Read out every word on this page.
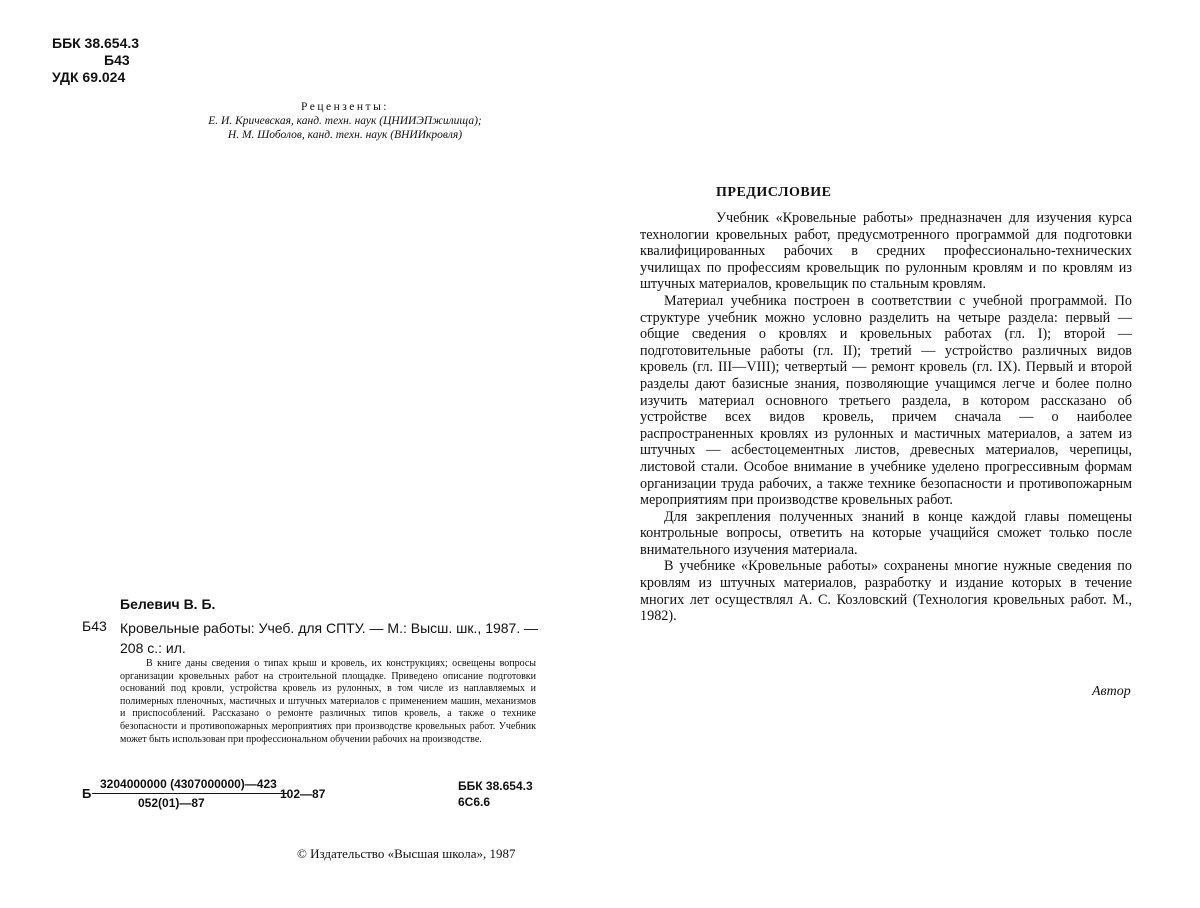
ББК 38.654.3
Б43
УДК 69.024
Рецензенты:
Е. И. Кричевская, канд. техн. наук (ЦНИИЭПжилища);
Н. М. Шоболов, канд. техн. наук (ВНИИкровля)
Белевич В. Б.
Б43 Кровельные работы: Учеб. для СПТУ. — М.: Высш. шк., 1987. — 208 с.: ил.
В книге даны сведения о типах крыш и кровель, их конструкциях; освещены вопросы организации кровельных работ на строительной площадке. Приведено описание подготовки оснований под кровли, устройства кровель из рулонных, в том числе из наплавляемых и полимерных пленочных, мастичных и штучных материалов с применением машин, механизмов и приспособлений. Рассказано о ремонте различных типов кровель, а также о технике безопасности и противопожарных мероприятиях при производстве кровельных работ. Учебник может быть использован при профессиональном обучении рабочих на производстве.
Б
3204000000 (4307000000)—423
052(01)—87
102—87
ББК 38.654.3
6С6.6
© Издательство «Высшая школа», 1987
ПРЕДИСЛОВИЕ

Учебник «Кровельные работы» предназначен для изучения курса технологии кровельных работ, предусмотренного программой для подготовки квалифицированных рабочих в средних профессионально-технических училищах по профессиям кровельщик по рулонным кровлям и по кровлям из штучных материалов, кровельщик по стальным кровлям.

Материал учебника построен в соответствии с учебной программой. По структуре учебник можно условно разделить на четыре раздела: первый — общие сведения о кровлях и кровельных работах (гл. I); второй — подготовительные работы (гл. II); третий — устройство различных видов кровель (гл. III—VIII); четвертый — ремонт кровель (гл. IX). Первый и второй разделы дают базисные знания, позволяющие учащимся легче и более полно изучить материал основного третьего раздела, в котором рассказано об устройстве всех видов кровель, причем сначала — о наиболее распространенных кровлях из рулонных и мастичных материалов, а затем из штучных — асбестоцементных листов, древесных материалов, черепицы, листовой стали. Особое внимание в учебнике уделено прогрессивным формам организации труда рабочих, а также технике безопасности и противопожарным мероприятиям при производстве кровельных работ.

Для закрепления полученных знаний в конце каждой главы помещены контрольные вопросы, ответить на которые учащийся сможет только после внимательного изучения материала.

В учебнике «Кровельные работы» сохранены многие нужные сведения по кровлям из штучных материалов, разработку и издание которых в течение многих лет осуществлял А. С. Козловский (Технология кровельных работ. М., 1982).

Автор
